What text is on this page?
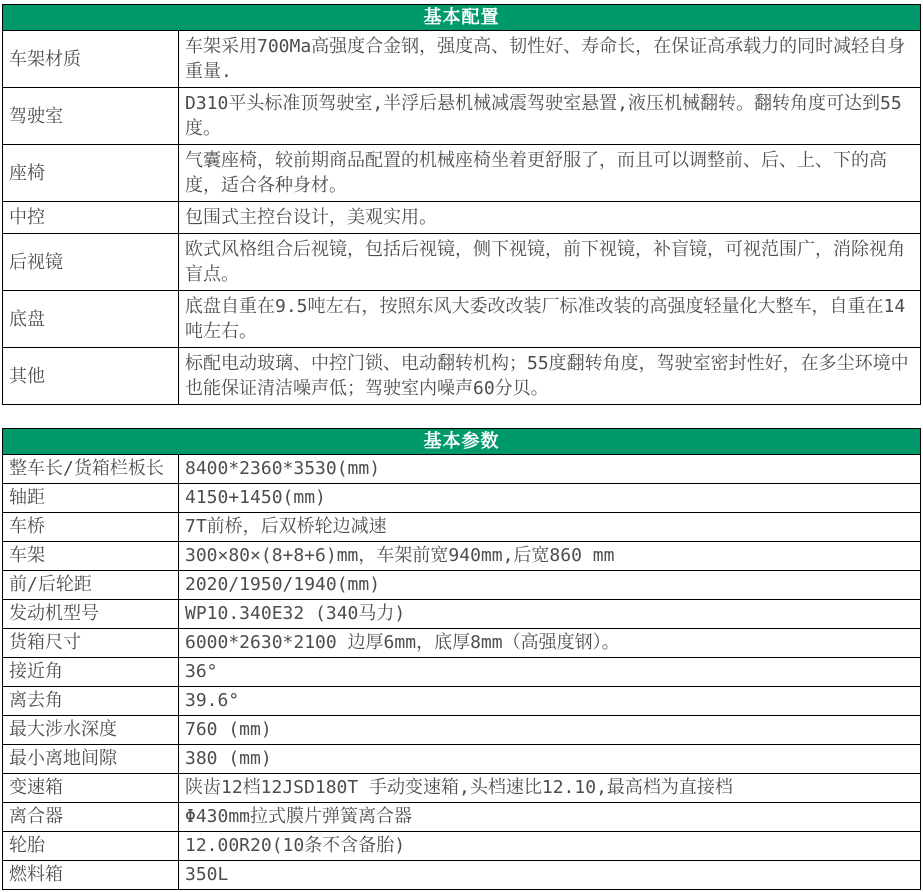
基本配置	
车架材质	车架采用700Ma高强度合金钢，强度高、韧性好、寿命长，在保证高承载力的同时减轻自身重量.
驾驶室	D310平头标准顶驾驶室,半浮后悬机械减震驾驶室悬置,液压机械翻转。翻转角度可达到55度。
座椅	气囊座椅，较前期商品配置的机械座椅坐着更舒服了，而且可以调整前、后、上、下的高度，适合各种身材。
中控	包围式主控台设计，美观实用。
后视镜	欧式风格组合后视镜，包括后视镜，侧下视镜，前下视镜，补盲镜，可视范围广，消除视角盲点。
底盘	底盘自重在9.5吨左右，按照东风大委改改装厂标准改装的高强度轻量化大整车，自重在14吨左右。
其他	标配电动玻璃、中控门锁、电动翻转机构；55度翻转角度，驾驶室密封性好，在多尘环境中也能保证清洁噪声低；驾驶室内噪声60分贝。
基本参数	
整车长/货箱栏板长	8400*2360*3530(mm)
轴距	4150+1450(mm)
车桥	7T前桥，后双桥轮边减速
车架	300×80×(8+8+6)mm，车架前宽940mm,后宽860 mm
前/后轮距	2020/1950/1940(mm)
发动机型号	WP10.340E32 (340马力)
货箱尺寸	6000*2630*2100 边厚6mm，底厚8mm（高强度钢）。
接近角	36°
离去角	39.6°
最大涉水深度	760 (mm)
最小离地间隙	380 (mm)
变速箱	陕齿12档12JSD180T 手动变速箱,头档速比12.10,最高档为直接档
离合器	Φ430mm拉式膜片弹簧离合器
轮胎	12.00R20(10条不含备胎)
燃料箱	350L
